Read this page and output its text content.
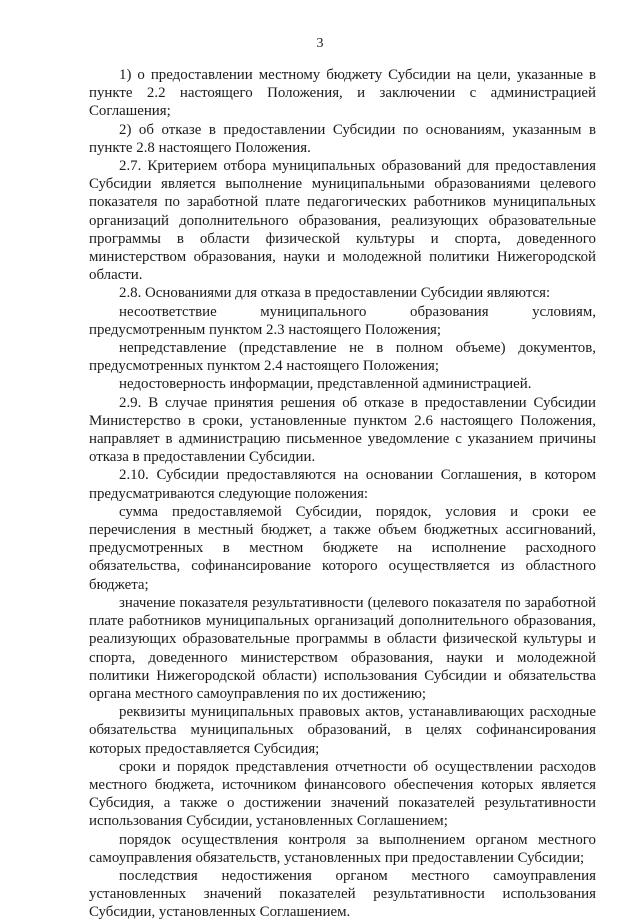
3

1) о предоставлении местному бюджету Субсидии на цели, указанные в пункте 2.2 настоящего Положения, и заключении с администрацией Соглашения;

2) об отказе в предоставлении Субсидии по основаниям, указанным в пункте 2.8 настоящего Положения.

2.7. Критерием отбора муниципальных образований для предоставления Субсидии является выполнение муниципальными образованиями целевого показателя по заработной плате педагогических работников муниципальных организаций дополнительного образования, реализующих образовательные программы в области физической культуры и спорта, доведенного министерством образования, науки и молодежной политики Нижегородской области.

2.8. Основаниями для отказа в предоставлении Субсидии являются:

несоответствие муниципального образования условиям, предусмотренным пунктом 2.3 настоящего Положения;

непредставление (представление не в полном объеме) документов, предусмотренных пунктом 2.4 настоящего Положения;

недостоверность информации, представленной администрацией.

2.9. В случае принятия решения об отказе в предоставлении Субсидии Министерство в сроки, установленные пунктом 2.6 настоящего Положения, направляет в администрацию письменное уведомление с указанием причины отказа в предоставлении Субсидии.

2.10. Субсидии предоставляются на основании Соглашения, в котором предусматриваются следующие положения:

сумма предоставляемой Субсидии, порядок, условия и сроки ее перечисления в местный бюджет, а также объем бюджетных ассигнований, предусмотренных в местном бюджете на исполнение расходного обязательства, софинансирование которого осуществляется из областного бюджета;

значение показателя результативности (целевого показателя по заработной плате работников муниципальных организаций дополнительного образования, реализующих образовательные программы в области физической культуры и спорта, доведенного министерством образования, науки и молодежной политики Нижегородской области) использования Субсидии и обязательства органа местного самоуправления по их достижению;

реквизиты муниципальных правовых актов, устанавливающих расходные обязательства муниципальных образований, в целях софинансирования которых предоставляется Субсидия;

сроки и порядок представления отчетности об осуществлении расходов местного бюджета, источником финансового обеспечения которых является Субсидия, а также о достижении значений показателей результативности использования Субсидии, установленных Соглашением;

порядок осуществления контроля за выполнением органом местного самоуправления обязательств, установленных при предоставлении Субсидии;

последствия недостижения органом местного самоуправления установленных значений показателей результативности использования Субсидии, установленных Соглашением.
